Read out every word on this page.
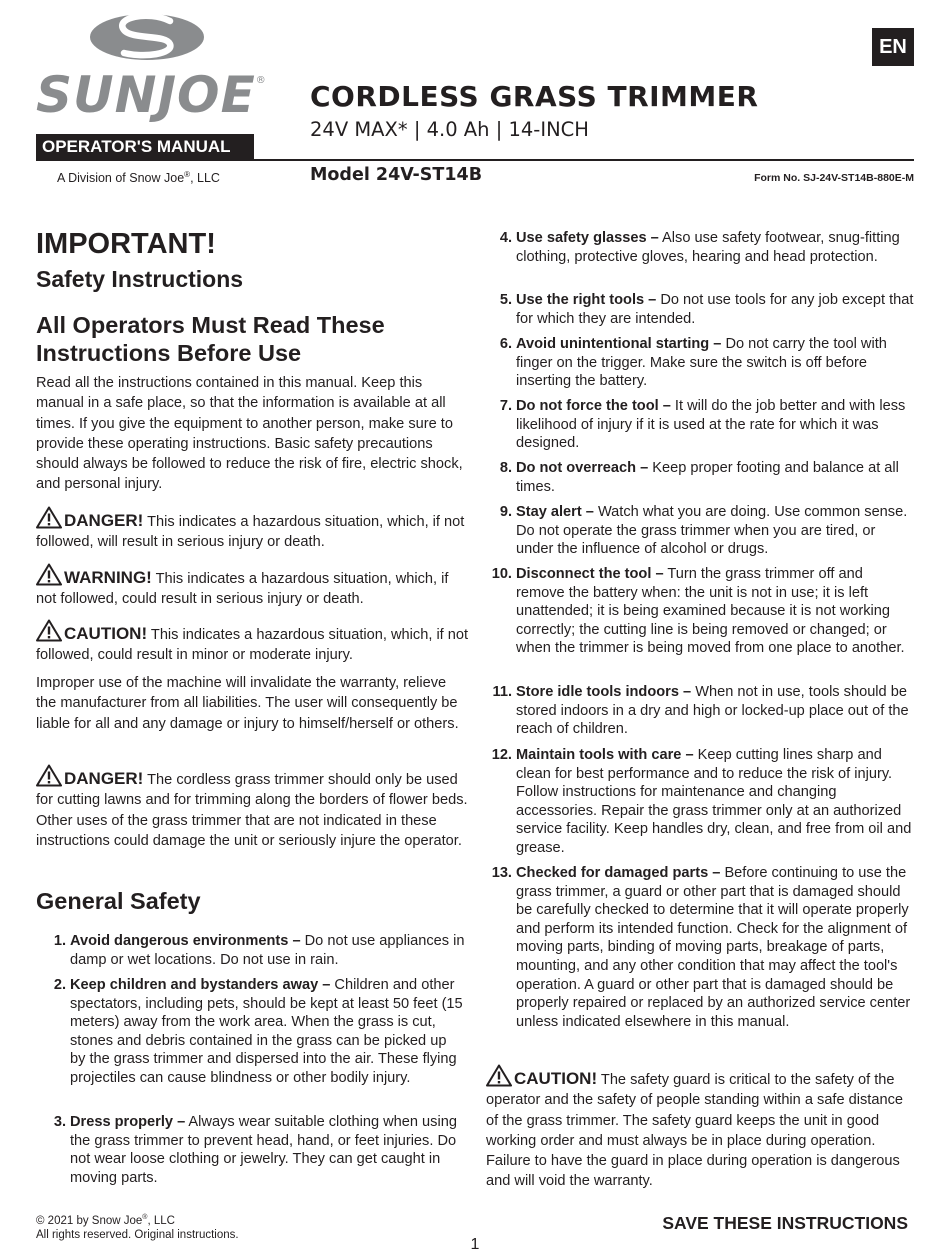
SUNJOE®
OPERATOR'S MANUAL
A Division of Snow Joe®, LLC
EN
CORDLESS GRASS TRIMMER
24V MAX* | 4.0 Ah | 14-INCH
Model 24V-ST14B	Form No. SJ-24V-ST14B-880E-M
IMPORTANT!
Safety Instructions
All Operators Must Read These Instructions Before Use
Read all the instructions contained in this manual. Keep this manual in a safe place, so that the information is available at all times. If you give the equipment to another person, make sure to provide these operating instructions. Basic safety precautions should always be followed to reduce the risk of fire, electric shock, and personal injury.
DANGER! This indicates a hazardous situation, which, if not followed, will result in serious injury or death.
WARNING! This indicates a hazardous situation, which, if not followed, could result in serious injury or death.
CAUTION! This indicates a hazardous situation, which, if not followed, could result in minor or moderate injury.
Improper use of the machine will invalidate the warranty, relieve the manufacturer from all liabilities. The user will consequently be liable for all and any damage or injury to himself/herself or others.
DANGER! The cordless grass trimmer should only be used for cutting lawns and for trimming along the borders of flower beds. Other uses of the grass trimmer that are not indicated in these instructions could damage the unit or seriously injure the operator.
General Safety
1. Avoid dangerous environments – Do not use appliances in damp or wet locations. Do not use in rain.
2. Keep children and bystanders away – Children and other spectators, including pets, should be kept at least 50 feet (15 meters) away from the work area. When the grass is cut, stones and debris contained in the grass can be picked up by the grass trimmer and dispersed into the air. These flying projectiles can cause blindness or other bodily injury.
3. Dress properly – Always wear suitable clothing when using the grass trimmer to prevent head, hand, or feet injuries. Do not wear loose clothing or jewelry. They can get caught in moving parts.
4. Use safety glasses – Also use safety footwear, snug-fitting clothing, protective gloves, hearing and head protection.
5. Use the right tools – Do not use tools for any job except that for which they are intended.
6. Avoid unintentional starting – Do not carry the tool with finger on the trigger. Make sure the switch is off before inserting the battery.
7. Do not force the tool – It will do the job better and with less likelihood of injury if it is used at the rate for which it was designed.
8. Do not overreach – Keep proper footing and balance at all times.
9. Stay alert – Watch what you are doing. Use common sense. Do not operate the grass trimmer when you are tired, or under the influence of alcohol or drugs.
10. Disconnect the tool – Turn the grass trimmer off and remove the battery when: the unit is not in use; it is left unattended; it is being examined because it is not working correctly; the cutting line is being removed or changed; or when the trimmer is being moved from one place to another.
11. Store idle tools indoors – When not in use, tools should be stored indoors in a dry and high or locked-up place out of the reach of children.
12. Maintain tools with care – Keep cutting lines sharp and clean for best performance and to reduce the risk of injury. Follow instructions for maintenance and changing accessories. Repair the grass trimmer only at an authorized service facility. Keep handles dry, clean, and free from oil and grease.
13. Checked for damaged parts – Before continuing to use the grass trimmer, a guard or other part that is damaged should be carefully checked to determine that it will operate properly and perform its intended function. Check for the alignment of moving parts, binding of moving parts, breakage of parts, mounting, and any other condition that may affect the tool's operation. A guard or other part that is damaged should be properly repaired or replaced by an authorized service center unless indicated elsewhere in this manual.
CAUTION! The safety guard is critical to the safety of the operator and the safety of people standing within a safe distance of the grass trimmer. The safety guard keeps the unit in good working order and must always be in place during operation. Failure to have the guard in place during operation is dangerous and will void the warranty.
© 2021 by Snow Joe®, LLC
All rights reserved. Original instructions.
SAVE THESE INSTRUCTIONS
1
